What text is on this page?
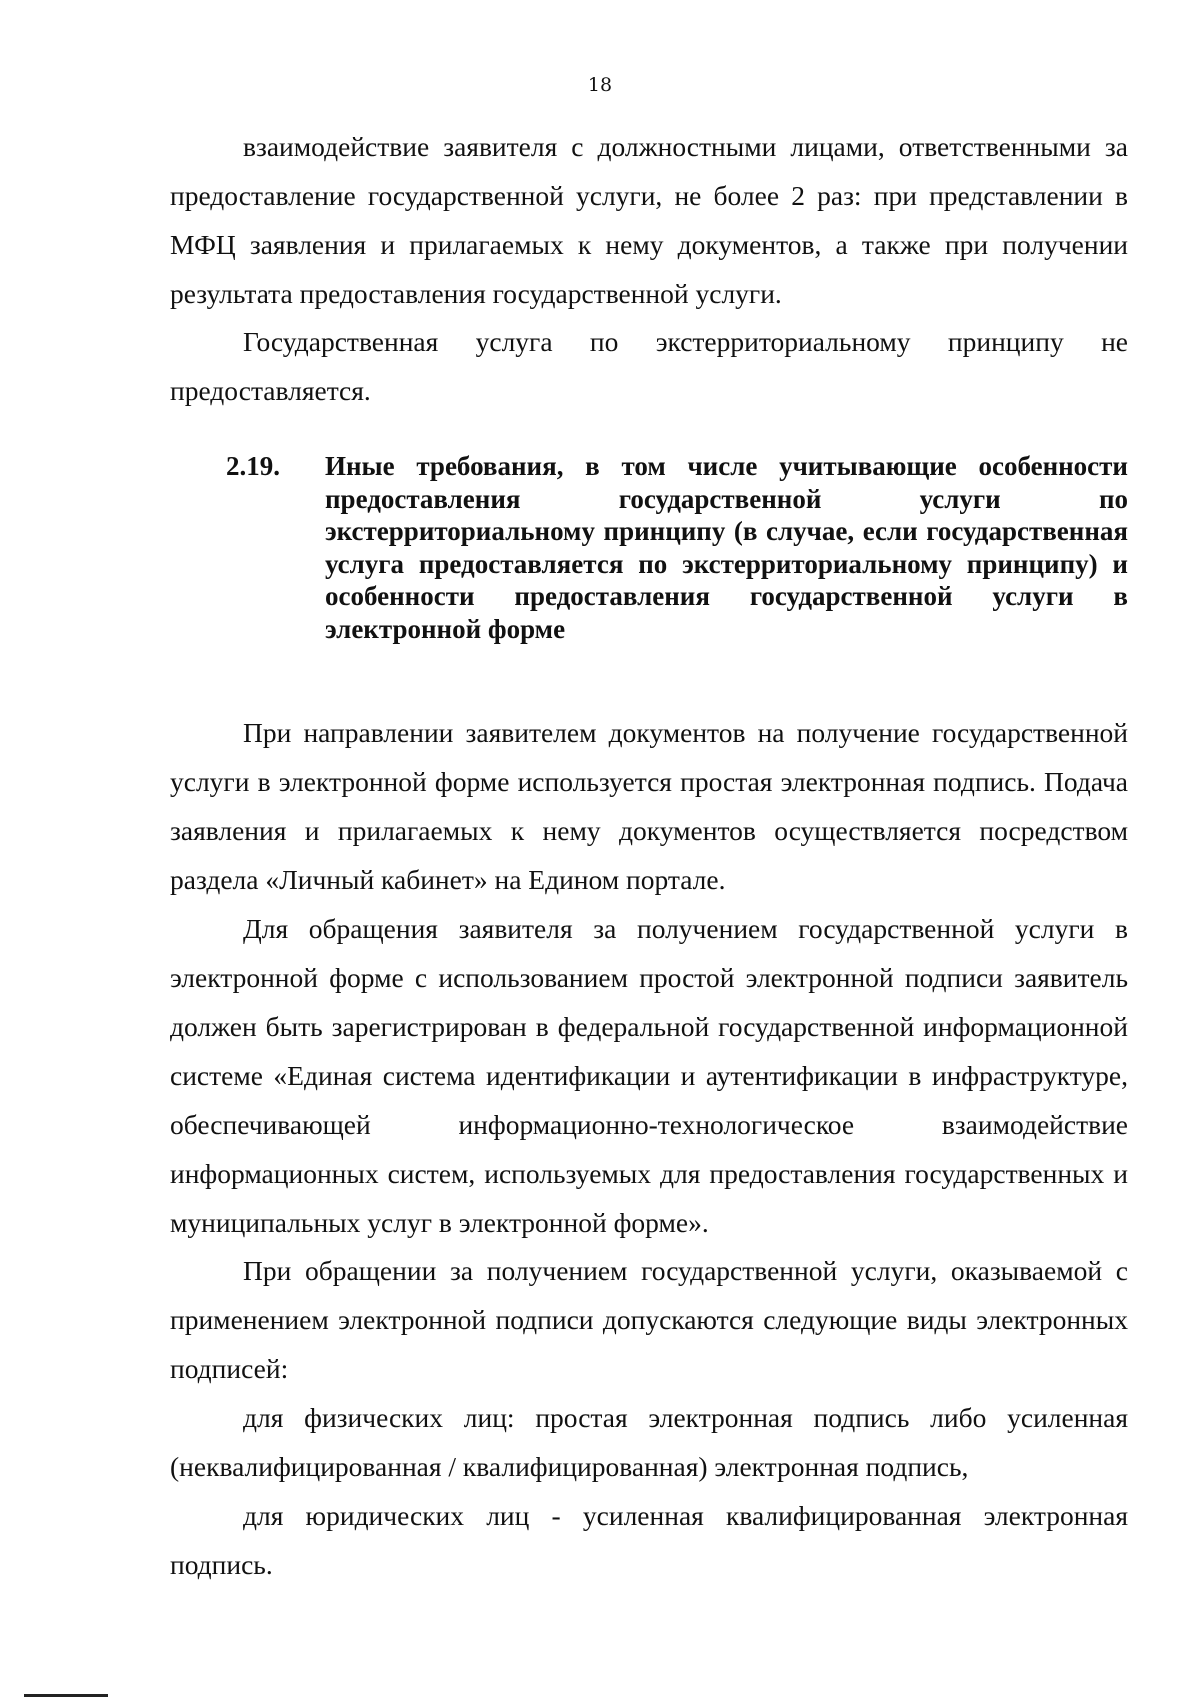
18

взаимодействие заявителя с должностными лицами, ответственными за предоставление государственной услуги, не более 2 раз: при представлении в МФЦ заявления и прилагаемых к нему документов, а также при получении результата предоставления государственной услуги.

Государственная услуга по экстерриториальному принципу не предоставляется.

2.19. Иные требования, в том числе учитывающие особенности предоставления государственной услуги по экстерриториальному принципу (в случае, если государственная услуга предоставляется по экстерриториальному принципу) и особенности предоставления государственной услуги в электронной форме

При направлении заявителем документов на получение государственной услуги в электронной форме используется простая электронная подпись. Подача заявления и прилагаемых к нему документов осуществляется посредством раздела «Личный кабинет» на Едином портале.

Для обращения заявителя за получением государственной услуги в электронной форме с использованием простой электронной подписи заявитель должен быть зарегистрирован в федеральной государственной информационной системе «Единая система идентификации и аутентификации в инфраструктуре, обеспечивающей информационно-технологическое взаимодействие информационных систем, используемых для предоставления государственных и муниципальных услуг в электронной форме».

При обращении за получением государственной услуги, оказываемой с применением электронной подписи допускаются следующие виды электронных подписей:

для физических лиц: простая электронная подпись либо усиленная (неквалифицированная / квалифицированная) электронная подпись,

для юридических лиц - усиленная квалифицированная электронная подпись.
